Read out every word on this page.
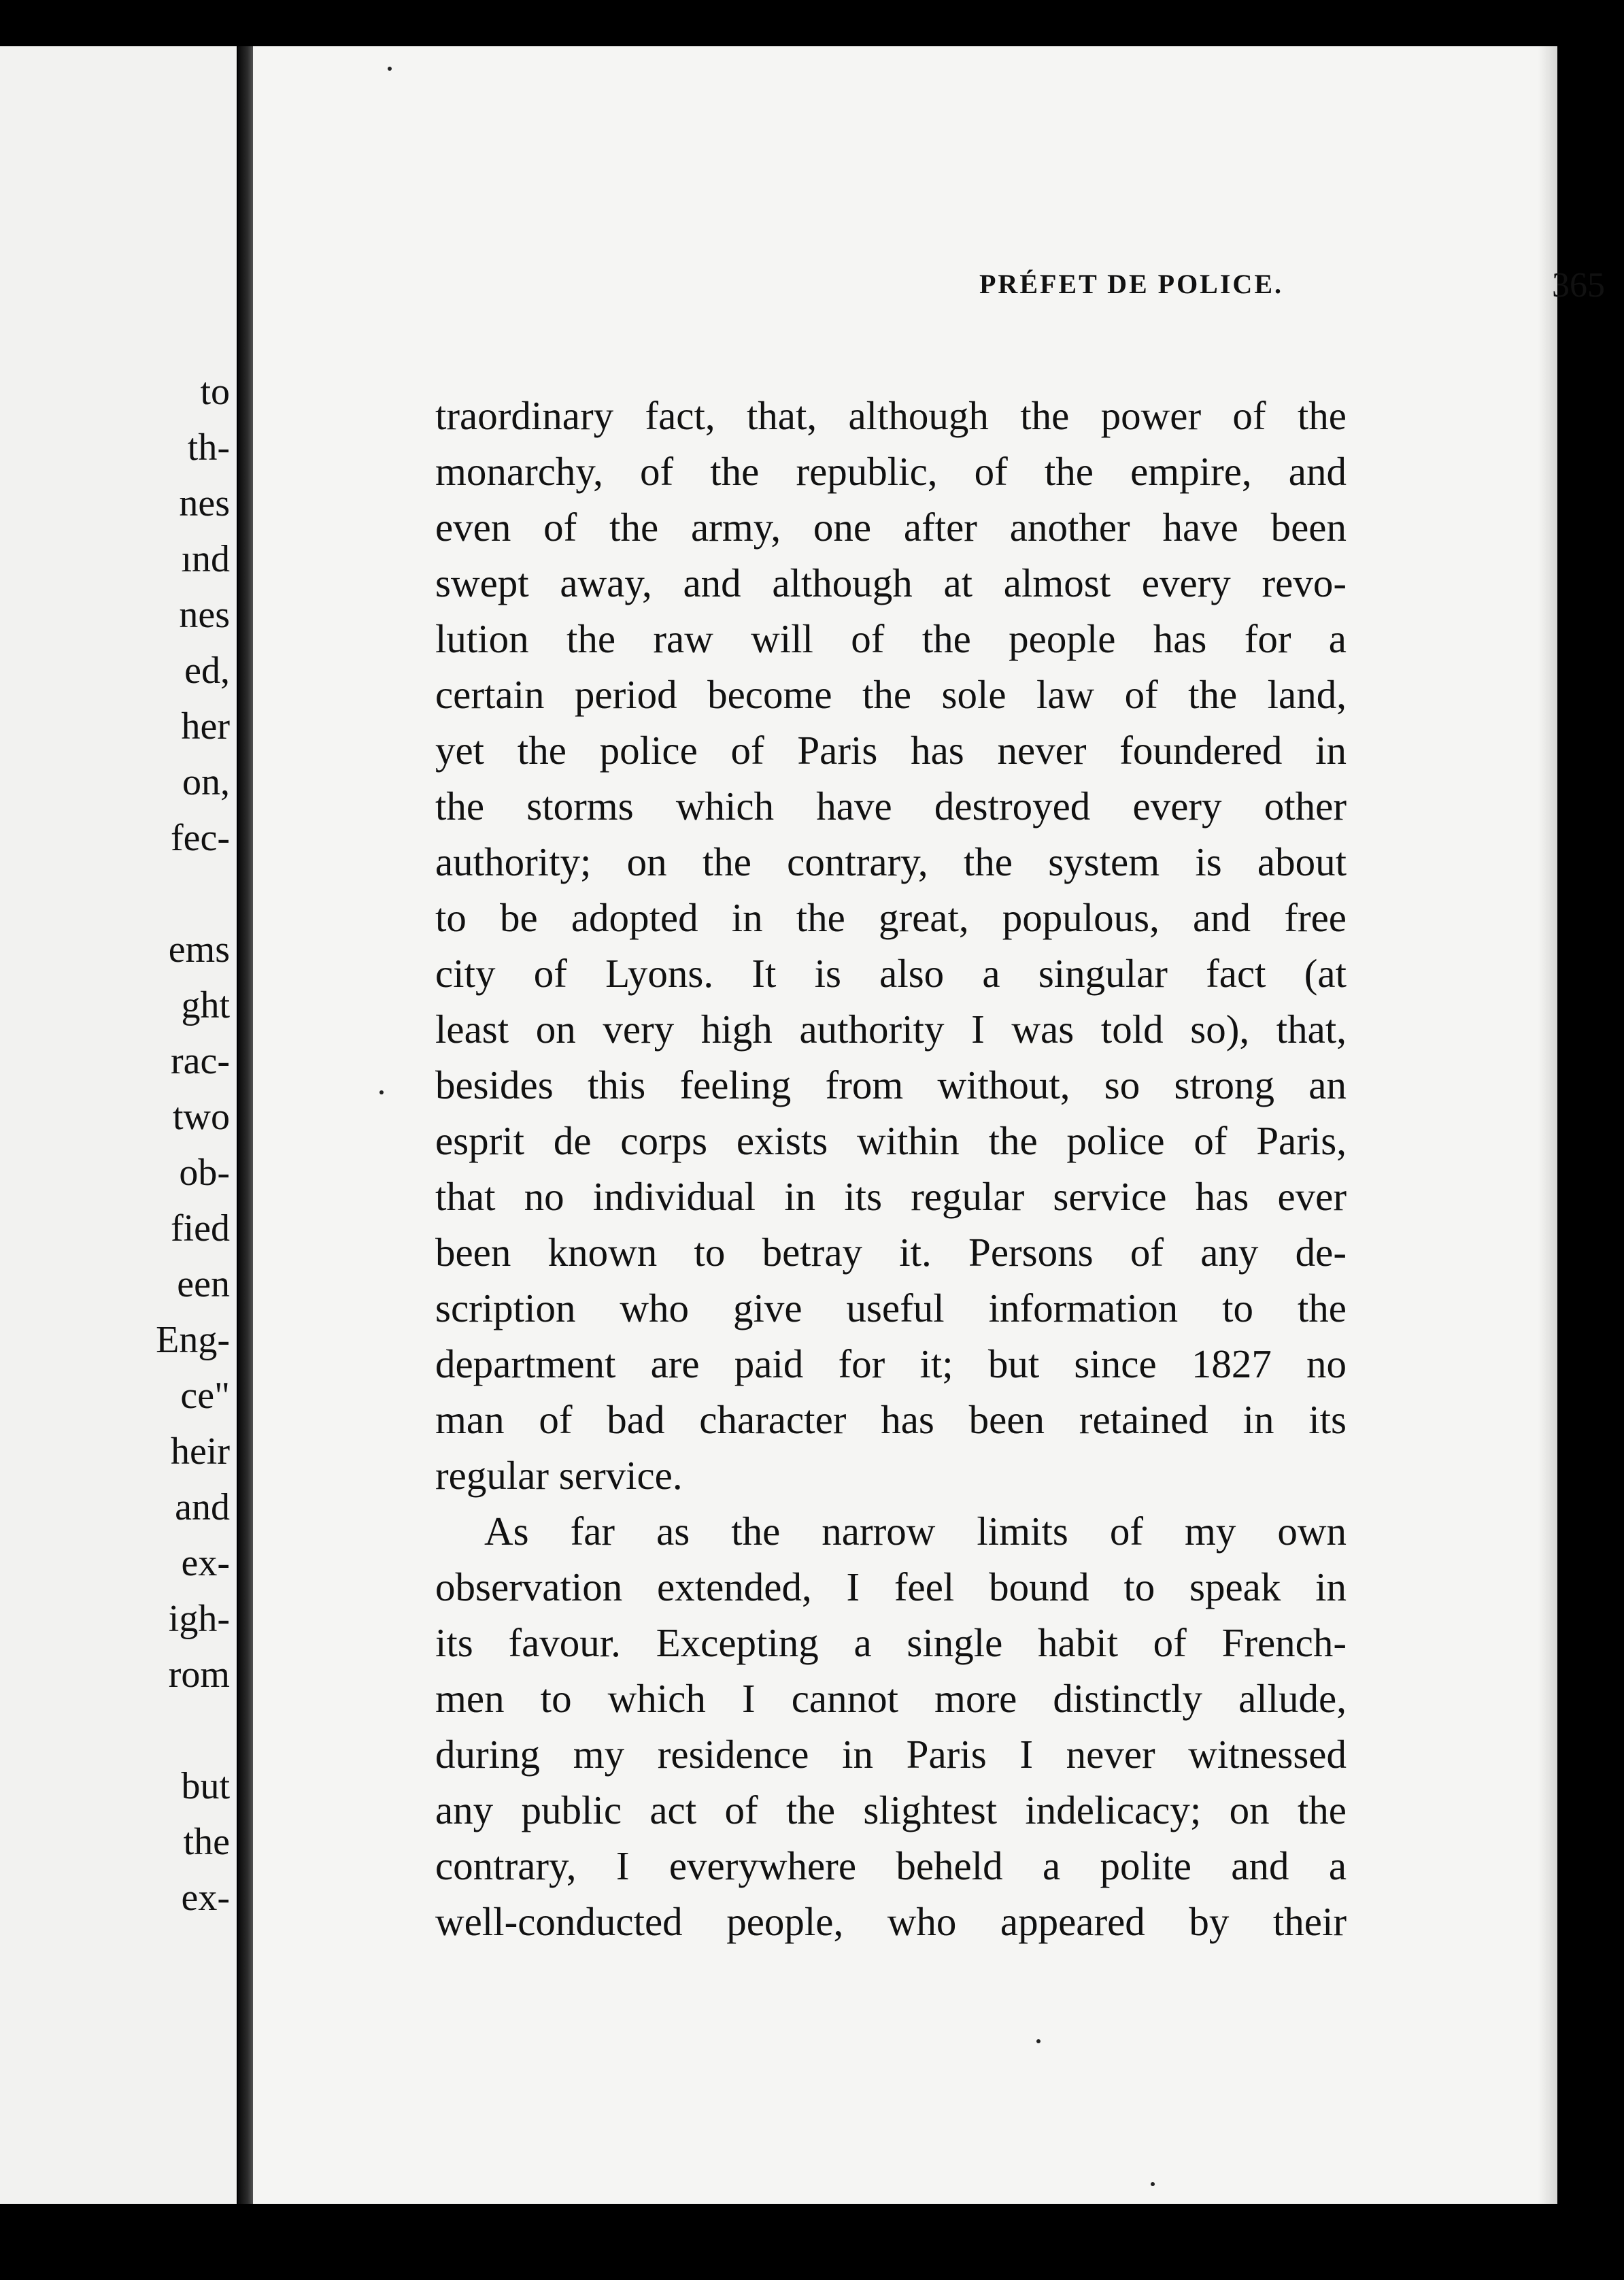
to
th-
nes
ınd
nes
ed,
her
on,
fec-
ems
ght
rac-
two
ob-
fied
een
Eng-
ce"
heir
and
ex-
igh-
rom
but
the
ex-
PRÉFET DE POLICE.	365
traordinary fact, that, although the power of the
monarchy, of the republic, of the empire, and
even of the army, one after another have been
swept away, and although at almost every revo-
lution the raw will of the people has for a
certain period become the sole law of the land,
yet the police of Paris has never foundered in
the storms which have destroyed every other
authority; on the contrary, the system is about
to be adopted in the great, populous, and free
city of Lyons. It is also a singular fact (at
least on very high authority I was told so), that,
besides this feeling from without, so strong an
esprit de corps exists within the police of Paris,
that no individual in its regular service has ever
been known to betray it. Persons of any de-
scription who give useful information to the
department are paid for it; but since 1827 no
man of bad character has been retained in its
regular service.
As far as the narrow limits of my own
observation extended, I feel bound to speak in
its favour. Excepting a single habit of French-
men to which I cannot more distinctly allude,
during my residence in Paris I never witnessed
any public act of the slightest indelicacy; on the
contrary, I everywhere beheld a polite and a
well-conducted people, who appeared by their
